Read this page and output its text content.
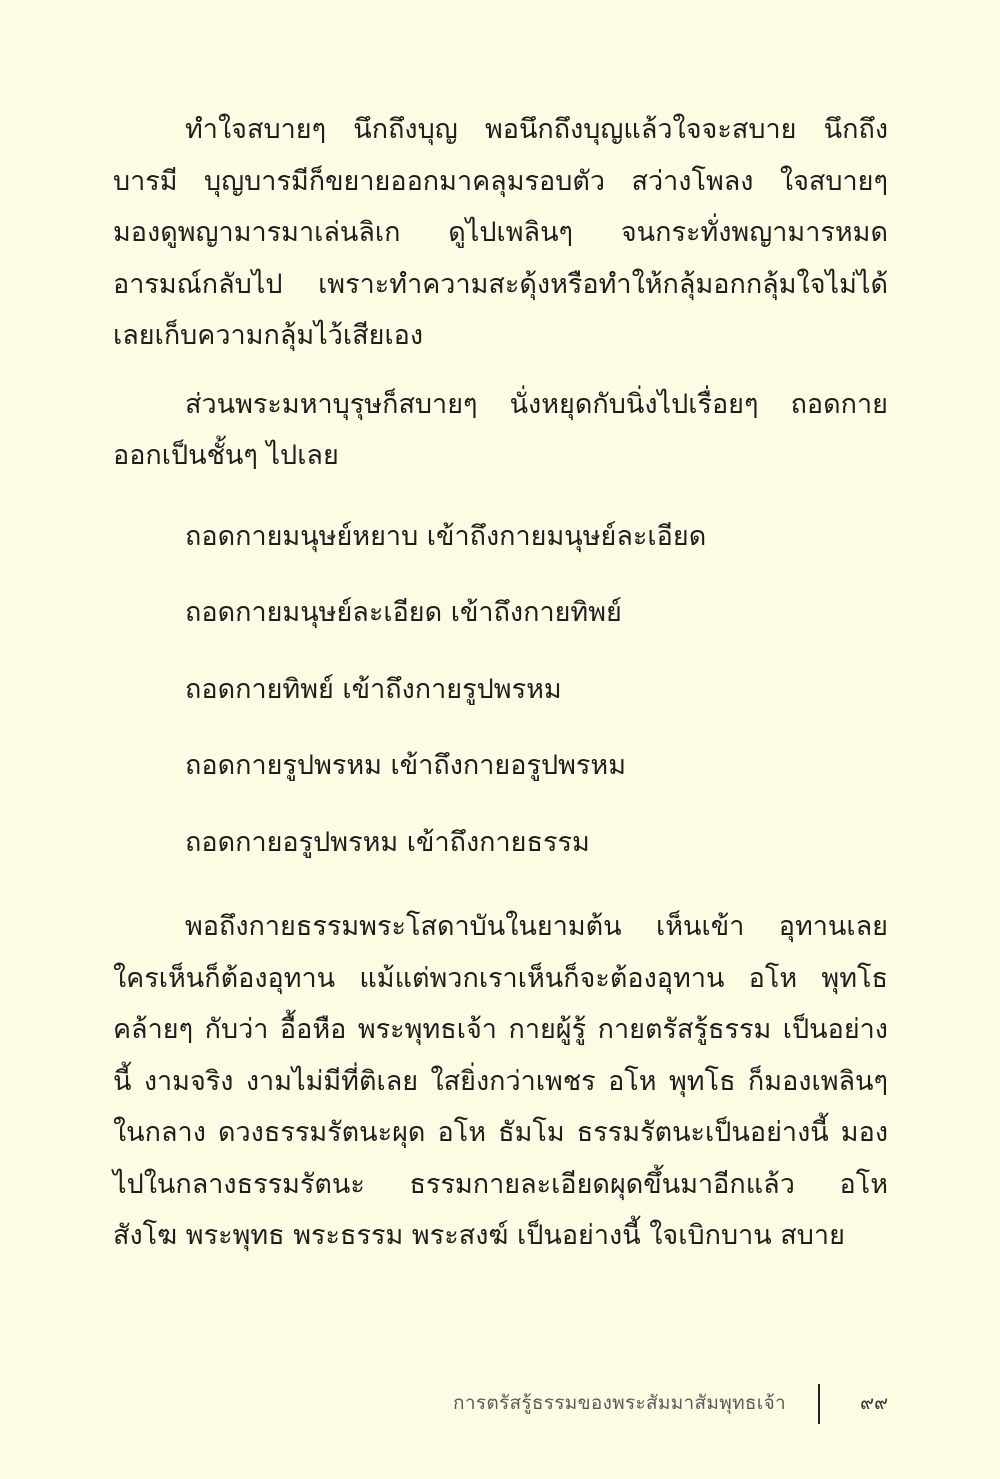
ทำใจสบายๆ นึกถึงบุญ พอนึกถึงบุญแล้วใจจะสบาย นึกถึงบารมี บุญบารมีก็ขยายออกมาคลุมรอบตัว สว่างโพลง ใจสบายๆ มองดูพญามารมาเล่นลิเก ดูไปเพลินๆ จนกระทั่งพญามารหมดอารมณ์กลับไป เพราะทำความสะดุ้งหรือทำให้กลุ้มอกกลุ้มใจไม่ได้ เลยเก็บความกลุ้มไว้เสียเอง

ส่วนพระมหาบุรุษก็สบายๆ นั่งหยุดกับนิ่งไปเรื่อยๆ ถอดกายออกเป็นชั้นๆ ไปเลย

ถอดกายมนุษย์หยาบ เข้าถึงกายมนุษย์ละเอียด
ถอดกายมนุษย์ละเอียด เข้าถึงกายทิพย์
ถอดกายทิพย์ เข้าถึงกายรูปพรหม
ถอดกายรูปพรหม เข้าถึงกายอรูปพรหม
ถอดกายอรูปพรหม เข้าถึงกายธรรม

พอถึงกายธรรมพระโสดาบันในยามต้น เห็นเข้า อุทานเลย ใครเห็นก็ต้องอุทาน แม้แต่พวกเราเห็นก็จะต้องอุทาน อโห พุทโธ คล้ายๆ กับว่า อื้อหือ พระพุทธเจ้า กายผู้รู้ กายตรัสรู้ธรรม เป็นอย่างนี้ งามจริง งามไม่มีที่ติเลย ใสยิ่งกว่าเพชร อโห พุทโธ ก็มองเพลินๆ ในกลาง ดวงธรรมรัตนะผุด อโห ธัมโม ธรรมรัตนะเป็นอย่างนี้ มองไปในกลางธรรมรัตนะ ธรรมกายละเอียดผุดขึ้นมาอีกแล้ว อโห สังโฆ พระพุทธ พระธรรม พระสงฆ์ เป็นอย่างนี้ ใจเบิกบาน สบาย

การตรัสรู้ธรรมของพระสัมมาสัมพุทธเจ้า	๙๙
